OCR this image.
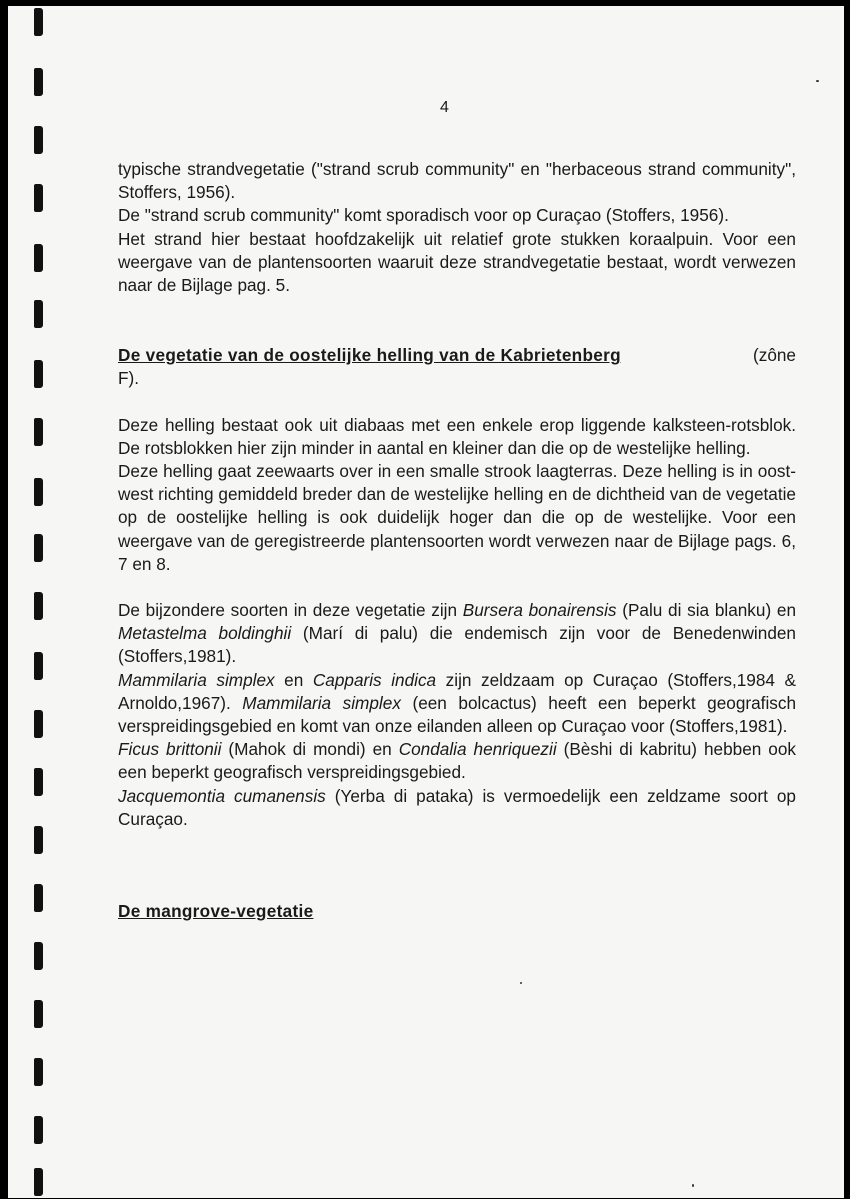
4

typische strandvegetatie ("strand scrub community" en "herbaceous strand community", Stoffers, 1956).

De "strand scrub community" komt sporadisch voor op Curaçao (Stoffers, 1956).

Het strand hier bestaat hoofdzakelijk uit relatief grote stukken koraalpuin. Voor een weergave van de plantensoorten waaruit deze strandvegetatie bestaat, wordt verwezen naar de Bijlage pag. 5.

De vegetatie van de oostelijke helling van de Kabrietenberg	(zône
F).

Deze helling bestaat ook uit diabaas met een enkele erop liggende kalksteen-rotsblok. De rotsblokken hier zijn minder in aantal en kleiner dan die op de westelijke helling.

Deze helling gaat zeewaarts over in een smalle strook laagterras. Deze helling is in oost-west richting gemiddeld breder dan de westelijke helling en de dichtheid van de vegetatie op de oostelijke helling is ook duidelijk hoger dan die op de westelijke. Voor een weergave van de geregistreerde plantensoorten wordt verwezen naar de Bijlage pags. 6, 7 en 8.

De bijzondere soorten in deze vegetatie zijn Bursera bonairensis (Palu di sia blanku) en Metastelma boldinghii (Marí di palu) die endemisch zijn voor de Benedenwinden (Stoffers,1981).

Mammilaria simplex en Capparis indica zijn zeldzaam op Curaçao (Stoffers,1984 & Arnoldo,1967). Mammilaria simplex (een bolcactus) heeft een beperkt geografisch verspreidingsgebied en komt van onze eilanden alleen op Curaçao voor (Stoffers,1981).

Ficus brittonii (Mahok di mondi) en Condalia henriquezii (Bèshi di kabritu) hebben ook een beperkt geografisch verspreidingsgebied.

Jacquemontia cumanensis (Yerba di pataka) is vermoedelijk een zeldzame soort op Curaçao.

De mangrove-vegetatie
